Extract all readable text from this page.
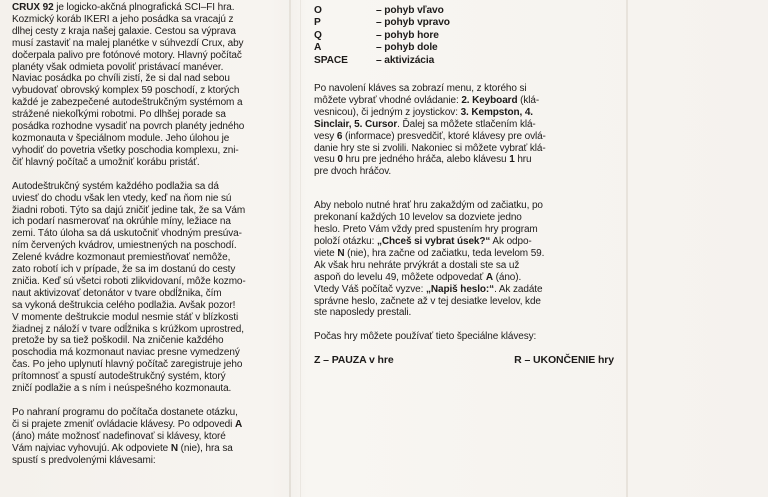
CRUX 92 je logicko-akčná plnografická SCI–FI hra.
Kozmický koráb IKERI a jeho posádka sa vracajú z
dlhej cesty z kraja našej galaxie. Cestou sa výprava
musí zastaviť na malej planétke v súhvezdí Crux, aby
dočerpala palivo pre fotónové motory. Hlavný počítač
planéty však odmieta povoliť pristávací manéver.
Naviac posádka po chvíli zistí, že si dal nad sebou
vybudovať obrovský komplex 59 poschodí, z ktorých
každé je zabezpečené autodeštrukčným systémom a
strážené niekoľkými robotmi. Po dlhšej porade sa
posádka rozhodne vysadiť na povrch planéty jedného
kozmonauta v špeciálnom module. Jeho úlohou je
vyhodiť do povetria všetky poschodia komplexu, zni-
čiť hlavný počítač a umožniť korábu pristáť.
Autodeštrukčný systém každého podlažia sa dá
uviesť do chodu však len vtedy, keď na ňom nie sú
žiadni roboti. Týto sa dajú zničiť jedine tak, že sa Vám
ich podarí nasmerovať na okrúhle míny, ležiace na
zemi. Táto úloha sa dá uskutočniť vhodným presúva-
ním červených kvádrov, umiestnených na poschodí.
Zelené kvádre kozmonaut premiestňovať nemôže,
zato robotí ich v prípade, že sa im dostanú do cesty
zničia. Keď sú všetci roboti zlikvidovaní, môže kozmo-
naut aktivizovať detonátor v tvare obdĺžnika, čím
sa vykoná deštrukcia celého podlažia. Avšak pozor!
V momente deštrukcie modul nesmie stáť v blízkosti
žiadnej z náloží v tvare odĺžnika s krúžkom uprostred,
pretože by sa tiež poškodil. Na zničenie každého
poschodia má kozmonaut naviac presne vymedzený
čas. Po jeho uplynutí hlavný počítač zaregistruje jeho
prítomnosť a spustí autodeštrukčný systém, ktorý
zničí podlažie a s ním i neúspešného kozmonauta.
Po nahraní programu do počítača dostanete otázku,
či si prajete zmeniť ovládacie klávesy. Po odpovedi A
(áno) máte možnosť nadefinovať si klávesy, ktoré
Vám najviac vyhovujú. Ak odpoviete N (nie), hra sa
spustí s predvolenými klávesami:
O	– pohyb vľavo
P	– pohyb vpravo
Q	– pohyb hore
A	– pohyb dole
SPACE	– aktivizácia
Po navolení kláves sa zobrazí menu, z ktorého si
môžete vybrať vhodné ovládanie: 2. Keyboard (klá-
vesnicou), či jedným z joystickov: 3. Kempston, 4.
Sinclair, 5. Cursor. Ďalej sa môžete stlačením klá-
vesy 6 (informace) presvedčiť, ktoré klávesy pre ovlá-
danie hry ste si zvolili. Nakoniec si môžete vybrať klá-
vesu 0 hru pre jedného hráča, alebo klávesu 1 hru
pre dvoch hráčov.
Aby nebolo nutné hrať hru zakaždým od začiatku, po
prekonaní každých 10 levelov sa dozviete jedno
heslo. Preto Vám vždy pred spustením hry program
položí otázku: „Chceš si vybrat úsek?“ Ak odpo-
viete N (nie), hra začne od začiatku, teda levelom 59.
Ak však hru nehráte prvýkrát a dostali ste sa už
aspoň do levelu 49, môžete odpovedať A (áno).
Vtedy Váš počítač vyzve: „Napiš heslo:“. Ak zadáte
správne heslo, začnete až v tej desiatke levelov, kde
ste naposledy prestali.
Počas hry môžete používať tieto špeciálne klávesy:
Z – PAUZA v hre	R – UKONČENIE hry
